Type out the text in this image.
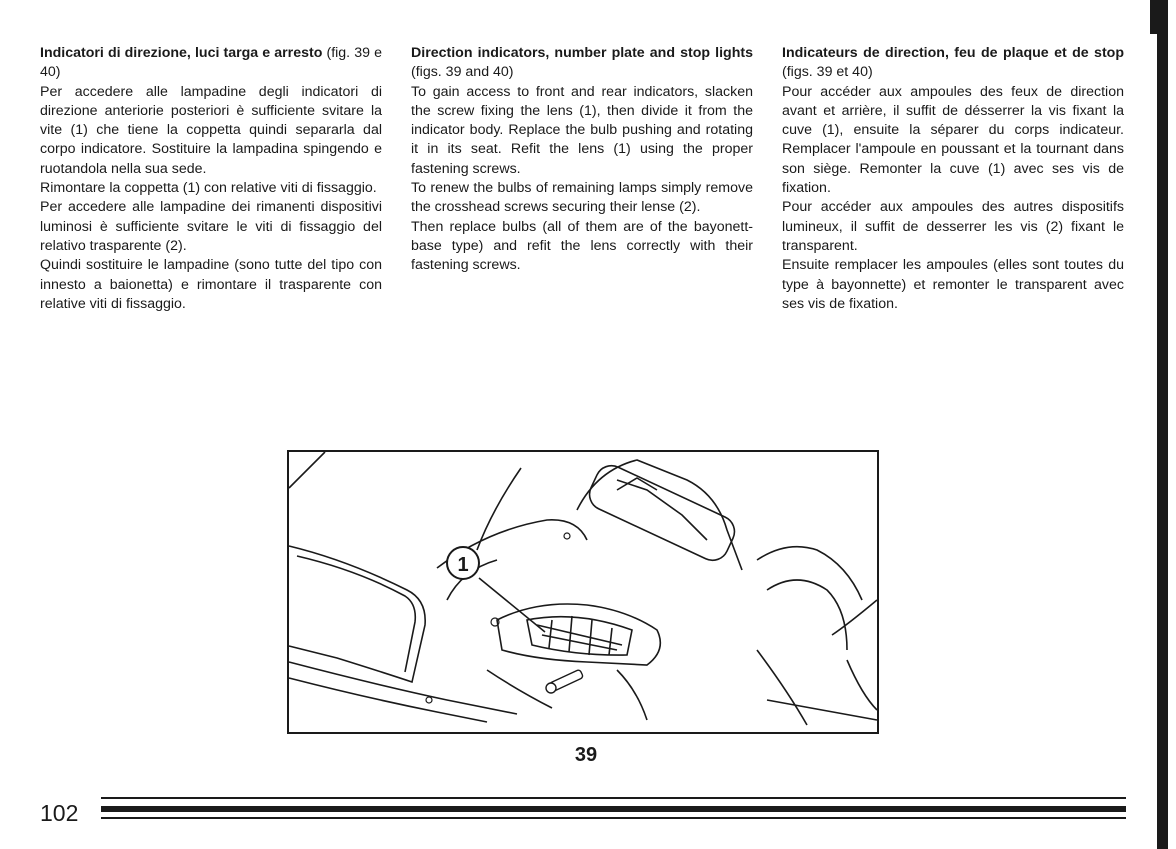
Indicatori di direzione, luci targa e arresto (fig. 39 e 40)

Per accedere alle lampadine degli indicatori di direzione anteriorie posteriori è sufficiente svitare la vite (1) che tiene la coppetta quindi separarla dal corpo indicatore. Sostituire la lampadina spingendo e ruotandola nella sua sede.

Rimontare la coppetta (1) con relative viti di fissaggio.

Per accedere alle lampadine dei rimanenti dispositivi luminosi è sufficiente svitare le viti di fissaggio del relativo trasparente (2).

Quindi sostituire le lampadine (sono tutte del tipo con innesto a baionetta) e rimontare il trasparente con relative viti di fissaggio.

Direction indicators, number plate and stop lights (figs. 39 and 40)

To gain access to front and rear indicators, slacken the screw fixing the lens (1), then divide it from the indicator body. Replace the bulb pushing and rotating it in its seat. Refit the lens (1) using the proper fastening screws.

To renew the bulbs of remaining lamps simply remove the crosshead screws securing their lense (2).

Then replace bulbs (all of them are of the bayonett-base type) and refit the lens correctly with their fastening screws.

Indicateurs de direction, feu de plaque et de stop (figs. 39 et 40)

Pour accéder aux ampoules des feux de direction avant et arrière, il suffit de désserrer la vis fixant la cuve (1), ensuite la séparer du corps indicateur. Remplacer l'ampoule en poussant et la tournant dans son siège. Remonter la cuve (1) avec ses vis de fixation.

Pour accéder aux ampoules des autres dispositifs lumineux, il suffit de desserrer les vis (2) fixant le transparent.

Ensuite remplacer les ampoules (elles sont toutes du type à bayonnette) et remonter le transparent avec ses vis de fixation.

1
39
102
